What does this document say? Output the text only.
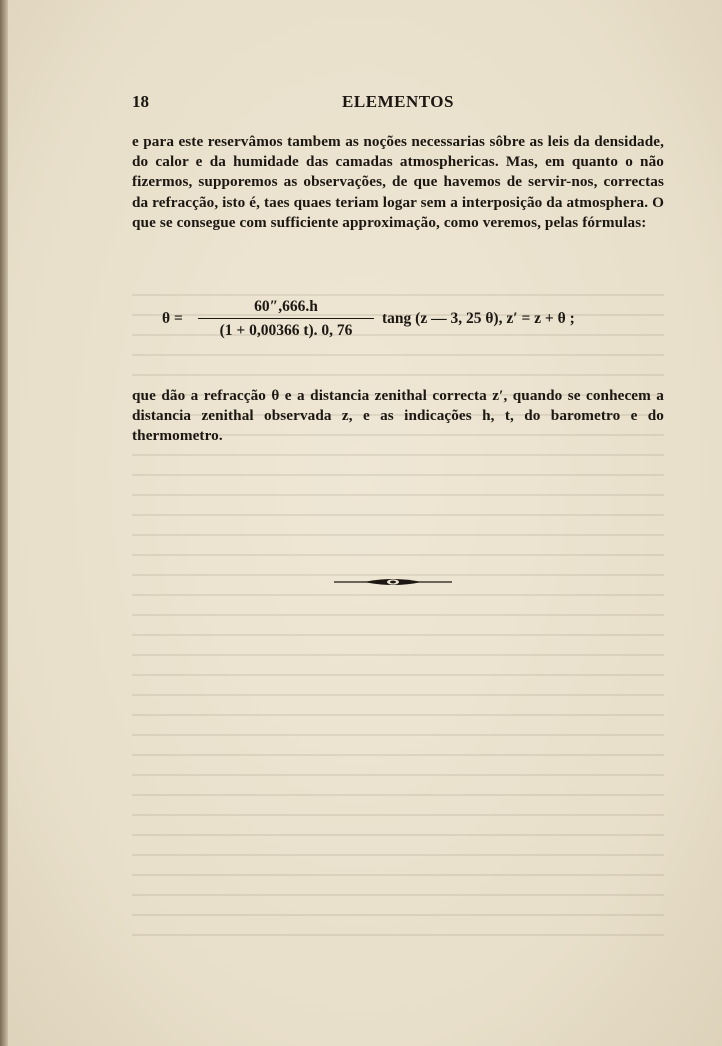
18	ELEMENTOS

e para este reservâmos tambem as noções necessarias sôbre as leis da densidade, do calor e da humidade das camadas atmosphericas. Mas, em quanto o não fizermos, supporemos as observações, de que havemos de servir-nos, correctas da refracção, isto é, taes quaes teriam logar sem a interposição da atmosphera. O que se consegue com sufficiente approximação, como veremos, pelas fórmulas:

θ =
60″,666.h
(1 + 0,00366 t). 0, 76
tang (z — 3, 25 θ), z′ = z + θ ;

que dão a refracção θ e a distancia zenithal correcta z′, quando se conhecem a distancia zenithal observada z, e as indicações h, t, do barometro e do thermometro.
